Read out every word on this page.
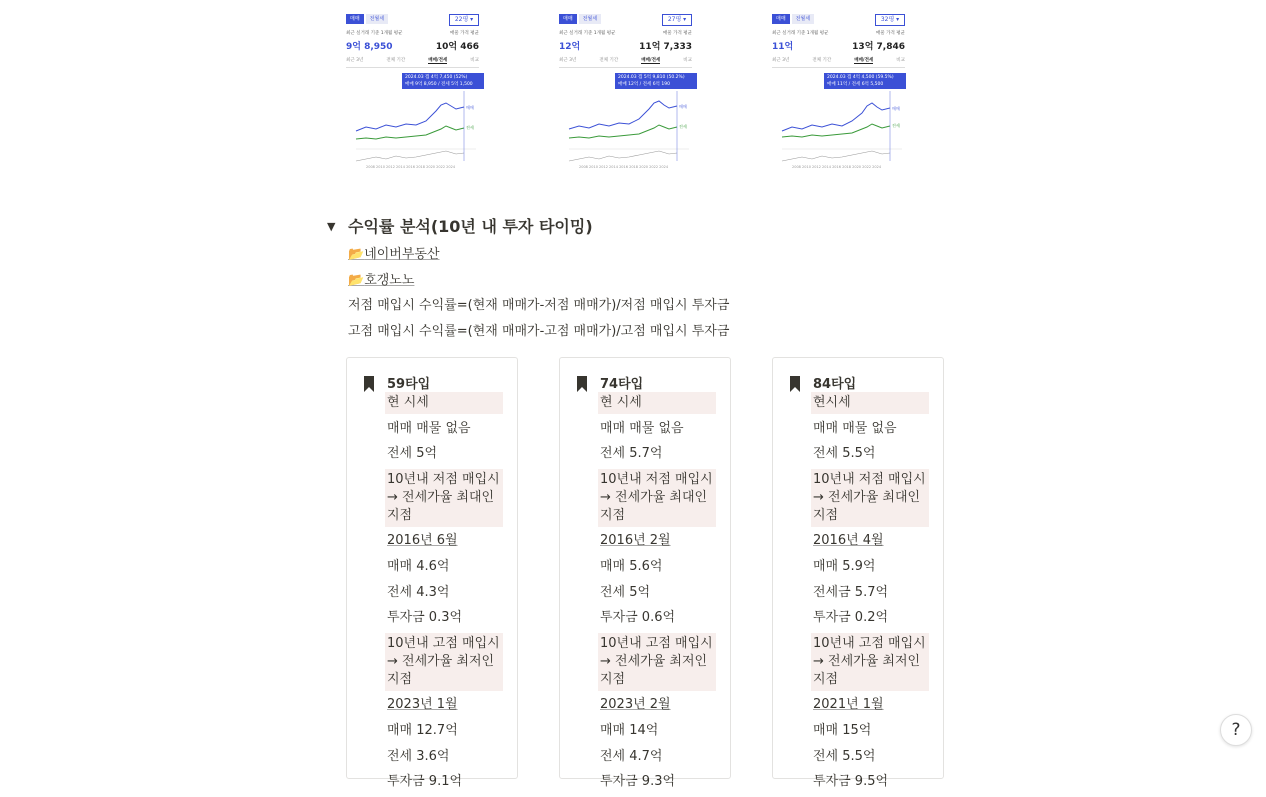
매매	전월세	22평 ▾
최근 실거래 기준 1개월 평균	매물 가격 평균
9억 8,950	10억 466
최근 3년	전체 기간	매매/전세	비교
2024.03 갭 4억 7,450 (52%)
매매 9억 8,950 / 전세 5억 1,500
매매
전세
2008 2010 2012 2014 2016 2018 2020 2022 2024
매매	전월세	27평 ▾
최근 실거래 기준 1개월 평균	매물 가격 평균
12억	11억 7,333
최근 3년	전체 기간	매매/전세	비교
2024.03 갭 5억 9,810 (50.2%)
매매 12억 / 전세 6억 190
매매
전세
2008 2010 2012 2014 2016 2018 2020 2022 2024
매매	전월세	32평 ▾
최근 실거래 기준 1개월 평균	매물 가격 평균
11억	13억 7,846
최근 3년	전체 기간	매매/전세	비교
2024.03 갭 4억 4,500 (59.5%)
매매 11억 / 전세 6억 5,500
매매
전세
2008 2010 2012 2014 2016 2018 2020 2022 2024
▼ 수익률 분석(10년 내 투자 타이밍)
📂네이버부동산
📂호갱노노
저점 매입시 수익률=(현재 매매가-저점 매매가)/저점 매입시 투자금
고점 매입시 수익률=(현재 매매가-고점 매매가)/고점 매입시 투자금
59타입
현 시세
매매 매물 없음
전세 5억
10년내 저점 매입시→ 전세가율 최대인 지점
2016년 6월
매매 4.6억
전세 4.3억
투자금 0.3억
10년내 고점 매입시→ 전세가율 최저인 지점
2023년 1월
매매 12.7억
전세 3.6억
투자금 9.1억
74타입
현 시세
매매 매물 없음
전세 5.7억
10년내 저점 매입시→ 전세가율 최대인 지점
2016년 2월
매매 5.6억
전세 5억
투자금 0.6억
10년내 고점 매입시→ 전세가율 최저인 지점
2023년 2월
매매 14억
전세 4.7억
투자금 9.3억
84타입
현시세
매매 매물 없음
전세 5.5억
10년내 저점 매입시→ 전세가율 최대인 지점
2016년 4월
매매 5.9억
전세금 5.7억
투자금 0.2억
10년내 고점 매입시→ 전세가율 최저인 지점
2021년 1월
매매 15억
전세 5.5억
투자금 9.5억
?
